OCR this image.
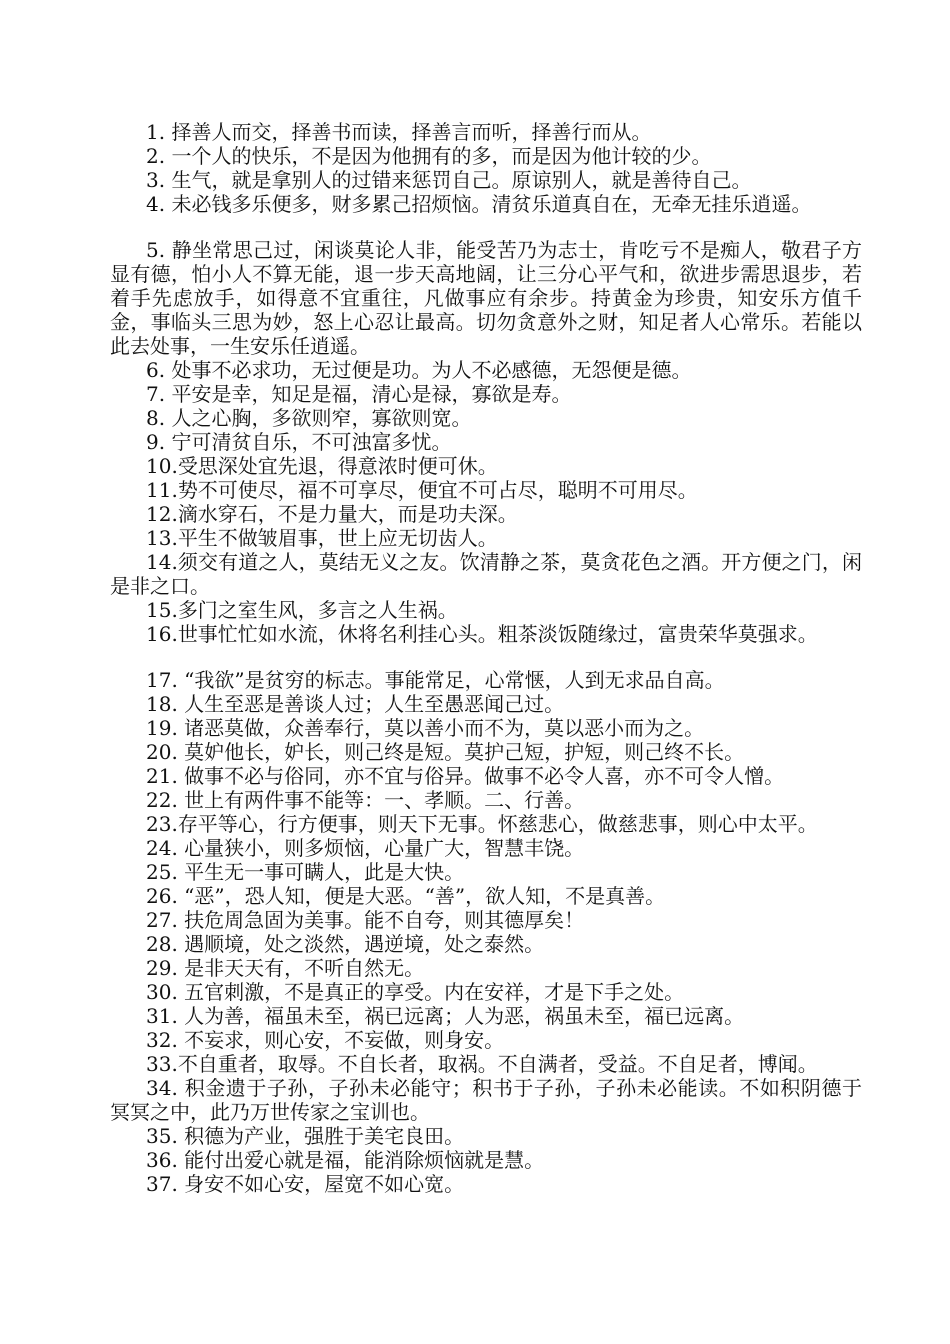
1. 择善人而交，择善书而读，择善言而听，择善行而从。

2. 一个人的快乐，不是因为他拥有的多，而是因为他计较的少。

3. 生气，就是拿别人的过错来惩罚自己。原谅别人，就是善待自己。

4. 未必钱多乐便多，财多累己招烦恼。清贫乐道真自在，无牵无挂乐逍遥。

5. 静坐常思己过，闲谈莫论人非，能受苦乃为志士，肯吃亏不是痴人，敬君子方显有德，怕小人不算无能，退一步天高地阔，让三分心平气和，欲进步需思退步，若着手先虑放手，如得意不宜重往，凡做事应有余步。持黄金为珍贵，知安乐方值千金，事临头三思为妙，怒上心忍让最高。切勿贪意外之财，知足者人心常乐。若能以此去处事，一生安乐任逍遥。

6. 处事不必求功，无过便是功。为人不必感德，无怨便是德。

7. 平安是幸，知足是福，清心是禄，寡欲是寿。

8. 人之心胸，多欲则窄，寡欲则宽。

9. 宁可清贫自乐，不可浊富多忧。

10.受思深处宜先退，得意浓时便可休。

11.势不可使尽，福不可享尽，便宜不可占尽，聪明不可用尽。

12.滴水穿石，不是力量大，而是功夫深。

13.平生不做皱眉事，世上应无切齿人。

14.须交有道之人，莫结无义之友。饮清静之茶，莫贪花色之酒。开方便之门，闲是非之口。

15.多门之室生风，多言之人生祸。

16.世事忙忙如水流，休将名利挂心头。粗茶淡饭随缘过，富贵荣华莫强求。

17. “我欲”是贫穷的标志。事能常足，心常惬，人到无求品自高。

18. 人生至恶是善谈人过；人生至愚恶闻己过。

19. 诸恶莫做，众善奉行，莫以善小而不为，莫以恶小而为之。

20. 莫妒他长，妒长，则己终是短。莫护己短，护短，则己终不长。

21. 做事不必与俗同，亦不宜与俗异。做事不必令人喜，亦不可令人憎。

22. 世上有两件事不能等：一、孝顺。二、行善。

23.存平等心，行方便事，则天下无事。怀慈悲心，做慈悲事，则心中太平。

24. 心量狭小，则多烦恼，心量广大，智慧丰饶。

25. 平生无一事可瞒人，此是大快。

26. “恶”，恐人知，便是大恶。“善”，欲人知，不是真善。

27. 扶危周急固为美事。能不自夸，则其德厚矣！

28. 遇顺境，处之淡然，遇逆境，处之泰然。

29. 是非天天有，不听自然无。

30. 五官刺激，不是真正的享受。内在安祥，才是下手之处。

31. 人为善，福虽未至，祸已远离；人为恶，祸虽未至，福已远离。

32. 不妄求，则心安，不妄做，则身安。

33.不自重者，取辱。不自长者，取祸。不自满者，受益。不自足者，博闻。

34. 积金遗于子孙，子孙未必能守；积书于子孙，子孙未必能读。不如积阴德于冥冥之中，此乃万世传家之宝训也。

35. 积德为产业，强胜于美宅良田。

36. 能付出爱心就是福，能消除烦恼就是慧。

37. 身安不如心安，屋宽不如心宽。
